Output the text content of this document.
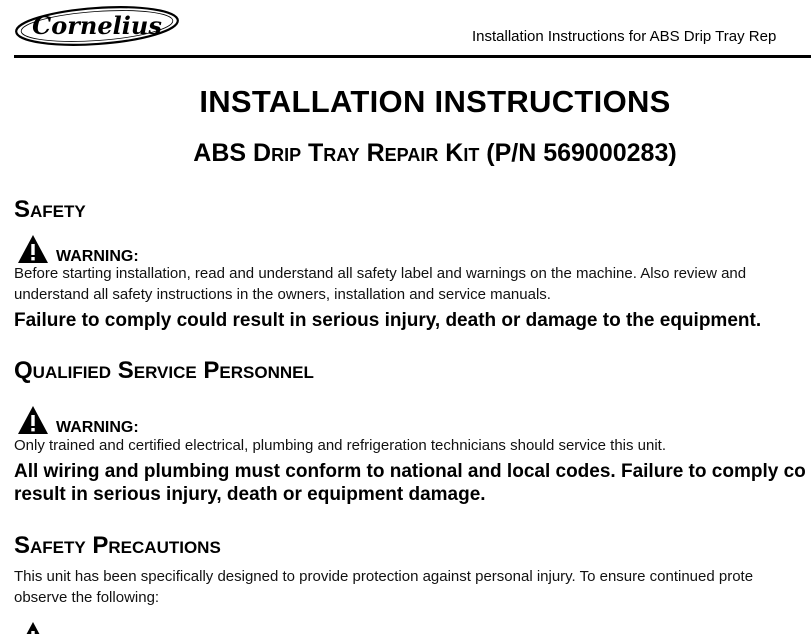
Cornelius	Installation Instructions for ABS Drip Tray Rep
INSTALLATION INSTRUCTIONS
ABS Drip Tray Repair Kit (P/N 569000283)
Safety
WARNING:
Before starting installation, read and understand all safety label and warnings on the machine. Also review and
understand all safety instructions in the owners, installation and service manuals.
Failure to comply could result in serious injury, death or damage to the equipment.
Qualified Service Personnel
WARNING:
Only trained and certified electrical, plumbing and refrigeration technicians should service this unit.
All wiring and plumbing must conform to national and local codes. Failure to comply co
result in serious injury, death or equipment damage.
Safety Precautions
This unit has been specifically designed to provide protection against personal injury. To ensure continued prote
observe the following:
